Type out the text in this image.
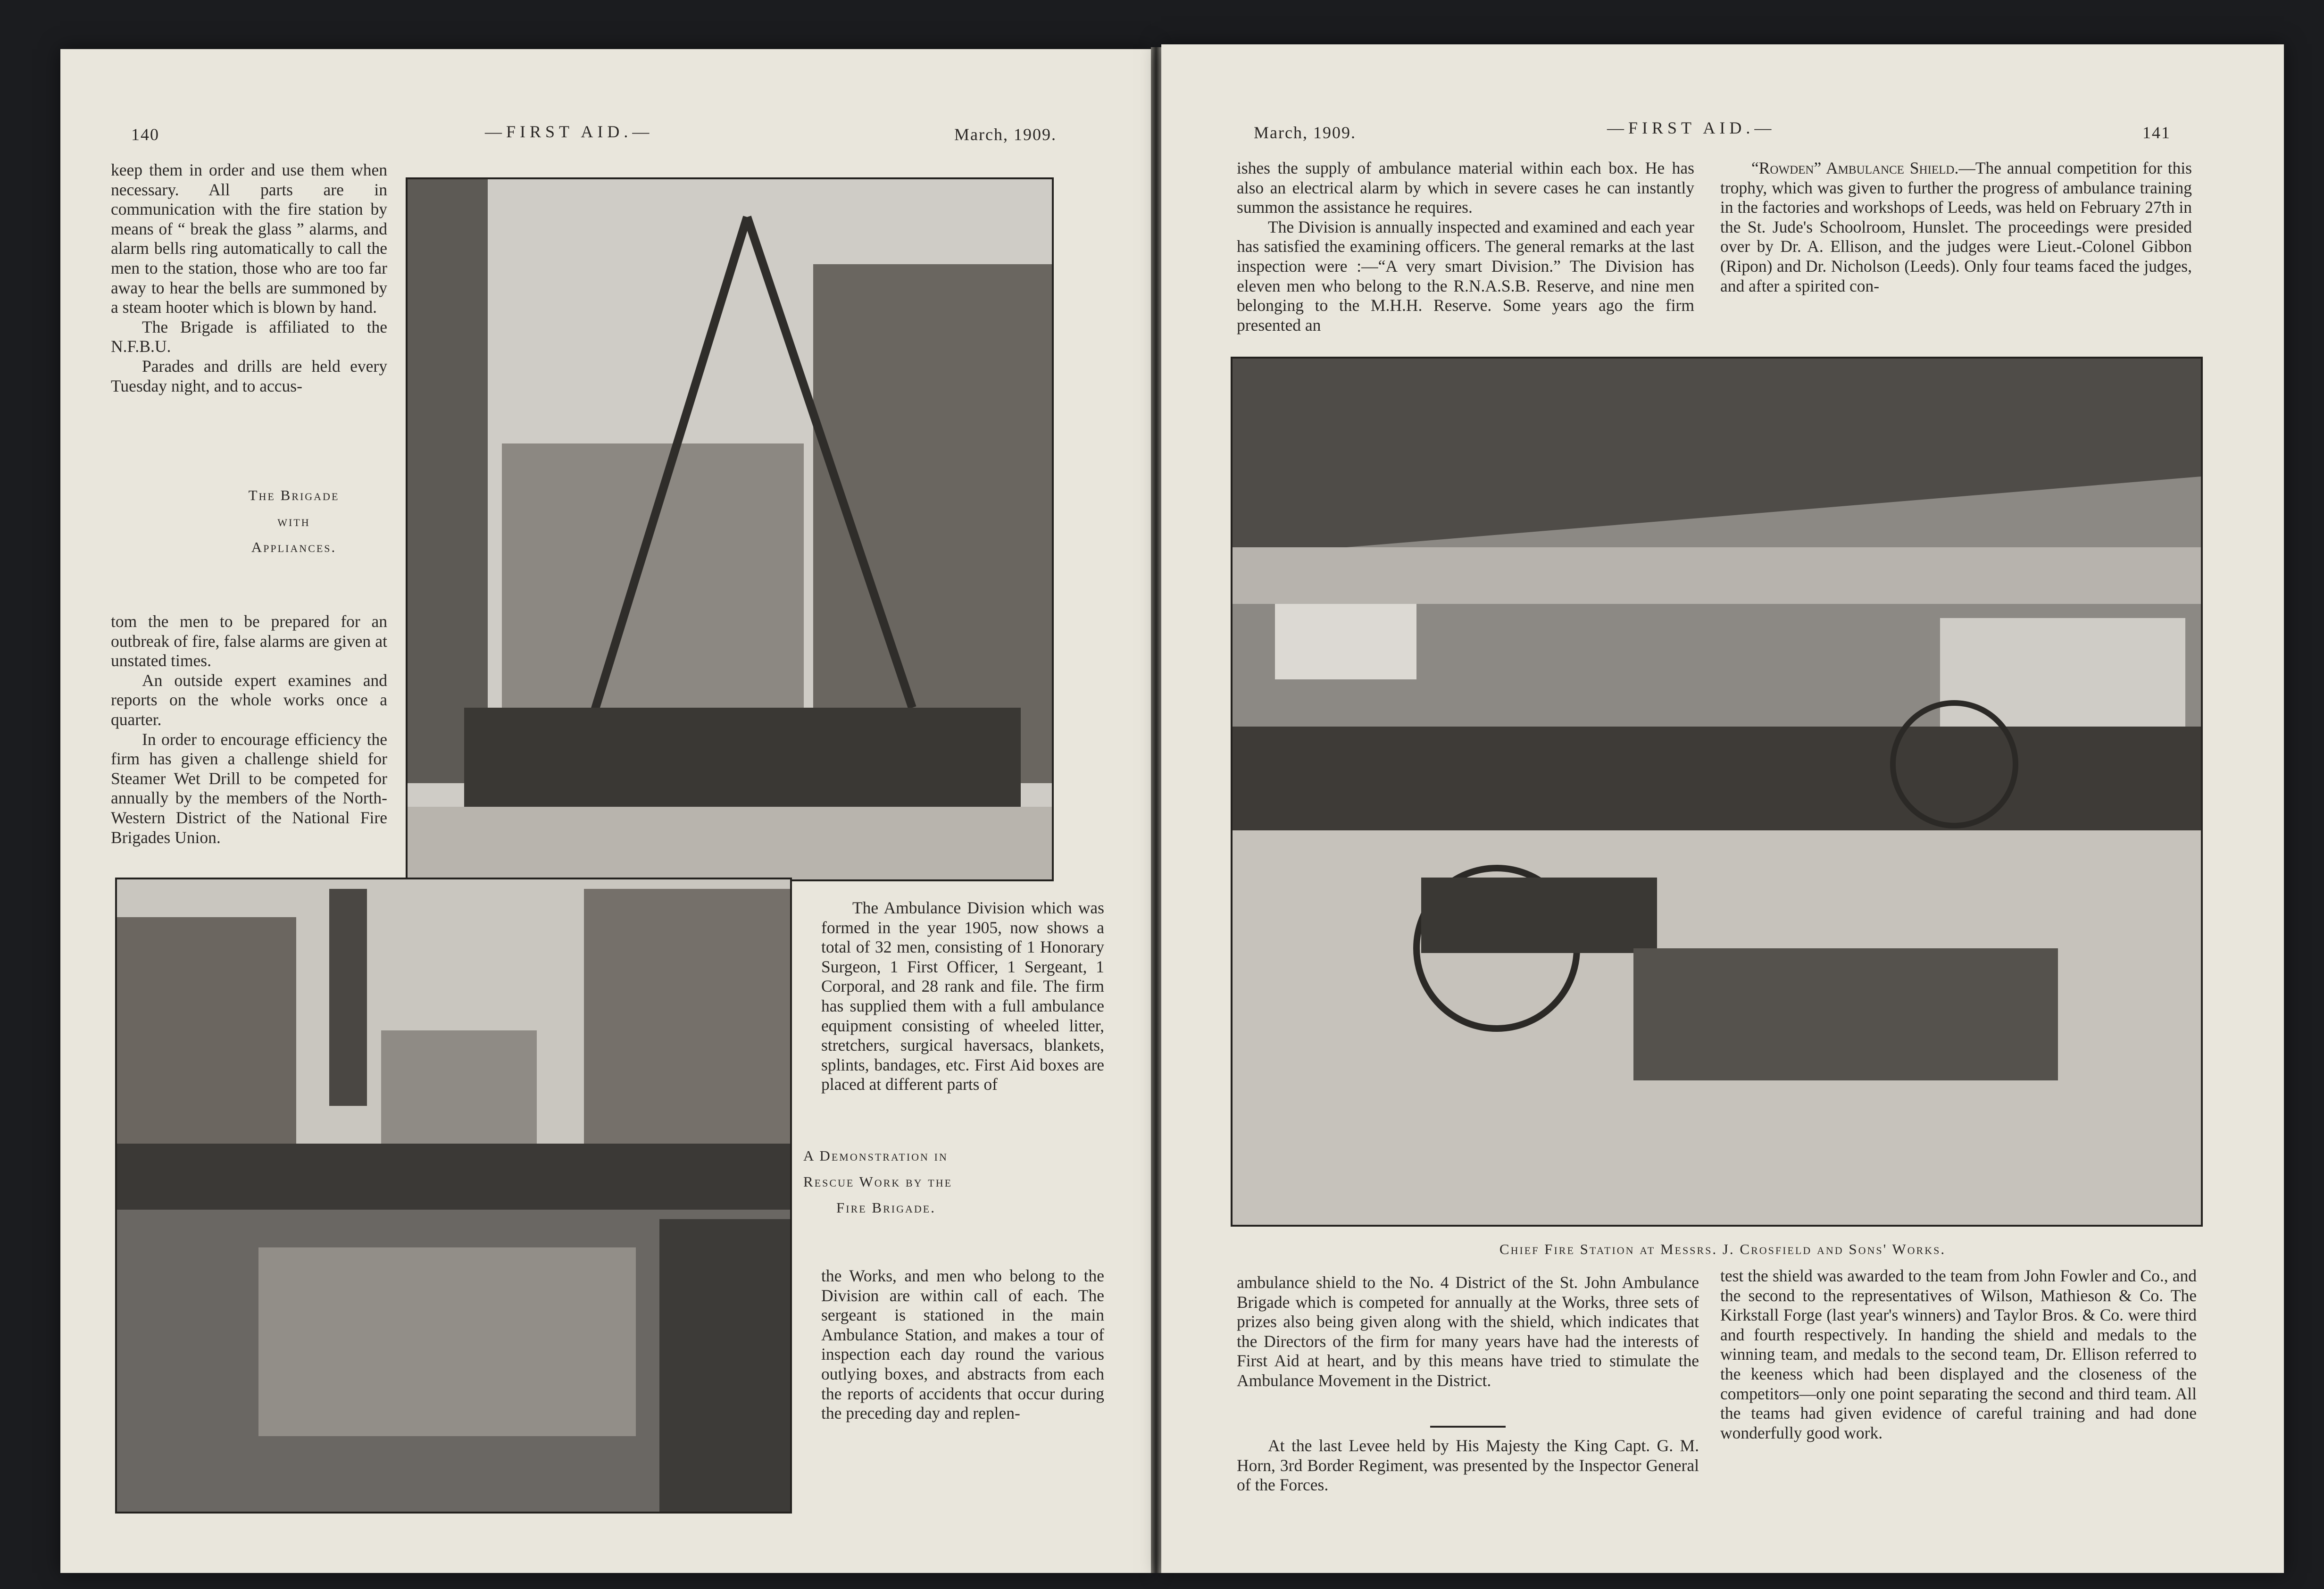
140	—FIRST AID.—	March, 1909.

keep them in order and use them when necessary. All parts are in communication with the fire station by means of “ break the glass ” alarms, and alarm bells ring automatically to call the men to the station, those who are too far away to hear the bells are summoned by a steam hooter which is blown by hand.

The Brigade is affiliated to the N.F.B.U.

Parades and drills are held every Tuesday night, and to accus-

The Brigade
with
Appliances.

tom the men to be prepared for an outbreak of fire, false alarms are given at unstated times.

An outside expert examines and reports on the whole works once a quarter.

In order to encourage efficiency the firm has given a challenge shield for Steamer Wet Drill to be competed for annually by the members of the North-Western District of the National Fire Brigades Union.

The Ambulance Division which was formed in the year 1905, now shows a total of 32 men, consisting of 1 Honorary Surgeon, 1 First Officer, 1 Sergeant, 1 Corporal, and 28 rank and file. The firm has supplied them with a full ambulance equipment consisting of wheeled litter, stretchers, surgical haversacs, blankets, splints, bandages, etc. First Aid boxes are placed at different parts of

A Demonstration in
Rescue Work by the
Fire Brigade.

the Works, and men who belong to the Division are within call of each. The sergeant is stationed in the main Ambulance Station, and makes a tour of inspection each day round the various outlying boxes, and abstracts from each the reports of accidents that occur during the preceding day and replen-

March, 1909.	—FIRST AID.—	141

ishes the supply of ambulance material within each box. He has also an electrical alarm by which in severe cases he can instantly summon the assistance he requires.

The Division is annually inspected and examined and each year has satisfied the examining officers. The general remarks at the last inspection were :—“A very smart Division.” The Division has eleven men who belong to the R.N.A.S.B. Reserve, and nine men belonging to the M.H.H. Reserve. Some years ago the firm presented an

“Rowden” Ambulance Shield.—The annual competition for this trophy, which was given to further the progress of ambulance training in the factories and workshops of Leeds, was held on February 27th in the St. Jude's Schoolroom, Hunslet. The proceedings were presided over by Dr. A. Ellison, and the judges were Lieut.-Colonel Gibbon (Ripon) and Dr. Nicholson (Leeds). Only four teams faced the judges, and after a spirited con-

Chief Fire Station at Messrs. J. Crosfield and Sons' Works.

ambulance shield to the No. 4 District of the St. John Ambulance Brigade which is competed for annually at the Works, three sets of prizes also being given along with the shield, which indicates that the Directors of the firm for many years have had the interests of First Aid at heart, and by this means have tried to stimulate the Ambulance Movement in the District.

At the last Levee held by His Majesty the King Capt. G. M. Horn, 3rd Border Regiment, was presented by the Inspector General of the Forces.

test the shield was awarded to the team from John Fowler and Co., and the second to the representatives of Wilson, Mathieson & Co. The Kirkstall Forge (last year's winners) and Taylor Bros. & Co. were third and fourth respectively. In handing the shield and medals to the winning team, and medals to the second team, Dr. Ellison referred to the keeness which had been displayed and the closeness of the competitors—only one point separating the second and third team. All the teams had given evidence of careful training and had done wonderfully good work.
